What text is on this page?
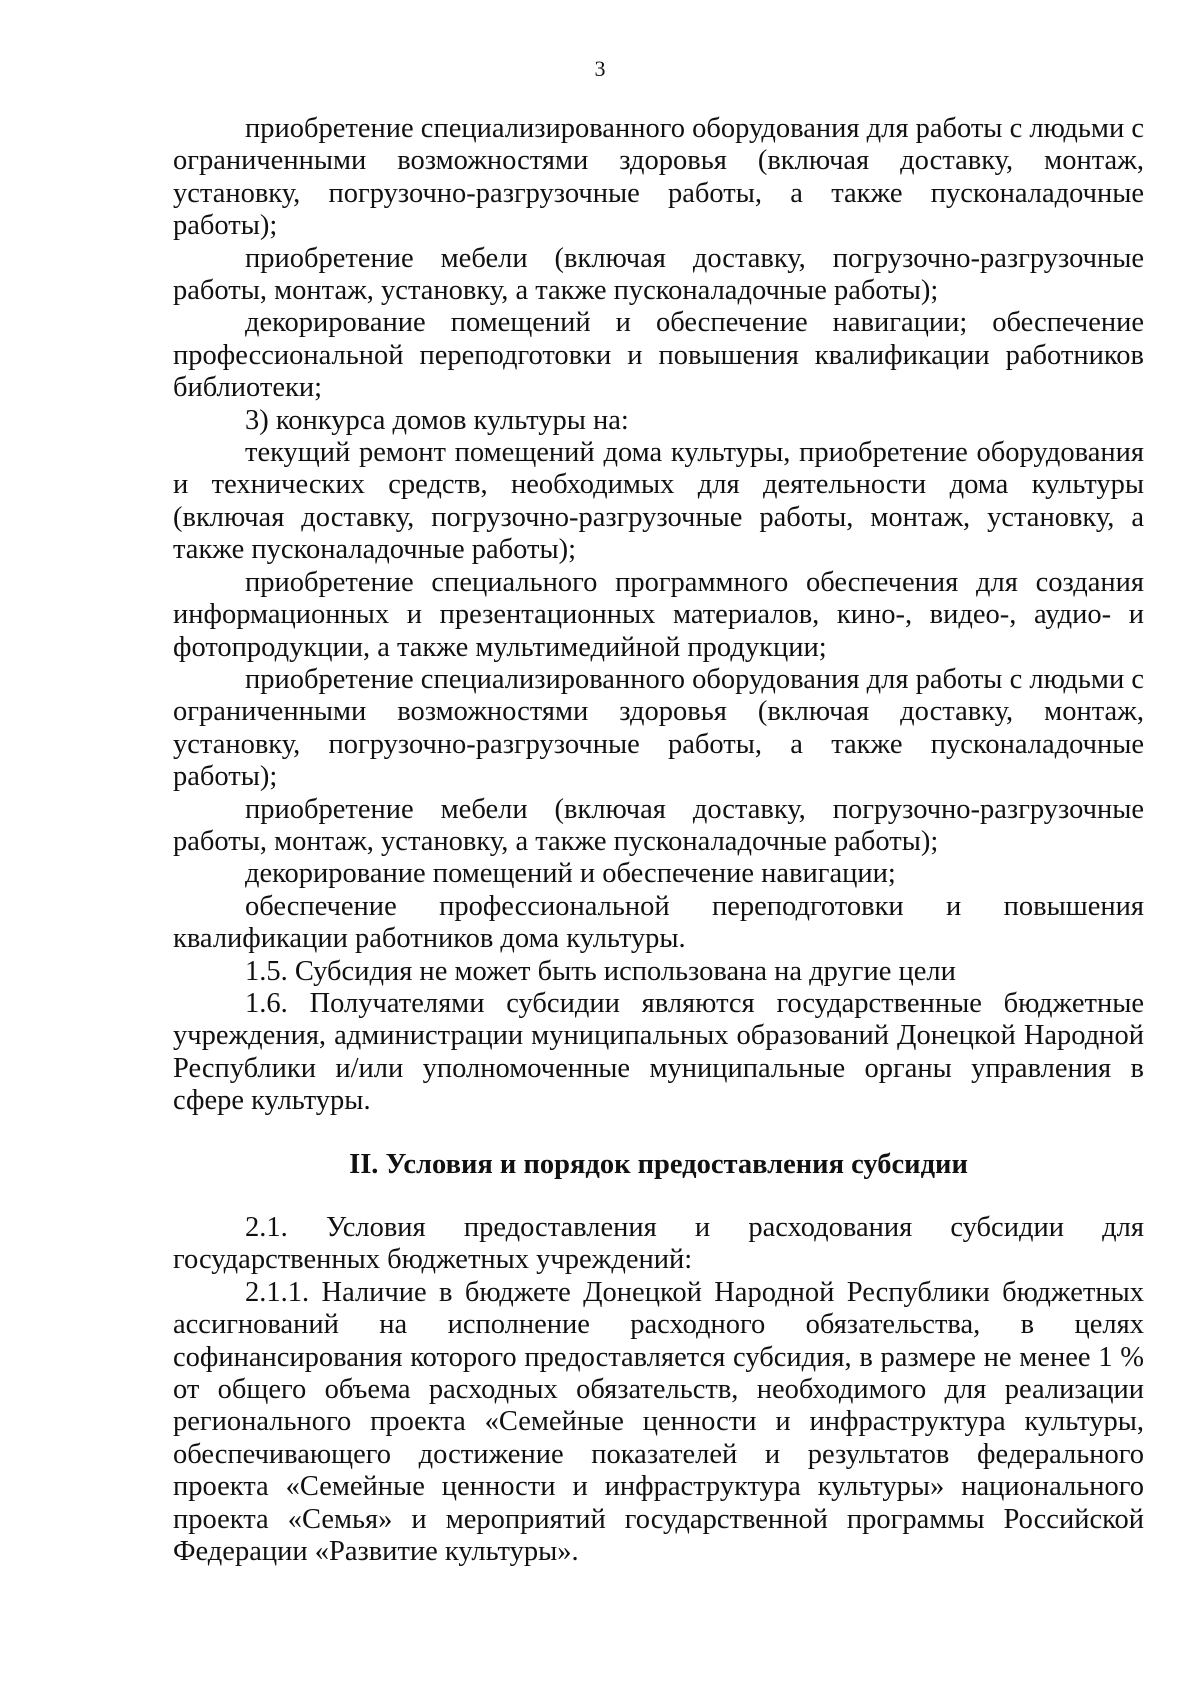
3

приобретение специализированного оборудования для работы с людьми с ограниченными возможностями здоровья (включая доставку, монтаж, установку, погрузочно-разгрузочные работы, а также пусконаладочные работы);

приобретение мебели (включая доставку, погрузочно-разгрузочные работы, монтаж, установку, а также пусконаладочные работы);

декорирование помещений и обеспечение навигации; обеспечение профессиональной переподготовки и повышения квалификации работников библиотеки;

3) конкурса домов культуры на:

текущий ремонт помещений дома культуры, приобретение оборудования и технических средств, необходимых для деятельности дома культуры (включая доставку, погрузочно-разгрузочные работы, монтаж, установку, а также пусконаладочные работы);

приобретение специального программного обеспечения для создания информационных и презентационных материалов, кино-, видео-, аудио- и фотопродукции, а также мультимедийной продукции;

приобретение специализированного оборудования для работы с людьми с ограниченными возможностями здоровья (включая доставку, монтаж, установку, погрузочно-разгрузочные работы, а также пусконаладочные работы);

приобретение мебели (включая доставку, погрузочно-разгрузочные работы, монтаж, установку, а также пусконаладочные работы);

декорирование помещений и обеспечение навигации;

обеспечение профессиональной переподготовки и повышения квалификации работников дома культуры.

1.5. Субсидия не может быть использована на другие цели

1.6. Получателями субсидии являются государственные бюджетные учреждения, администрации муниципальных образований Донецкой Народной Республики и/или уполномоченные муниципальные органы управления в сфере культуры.

II. Условия и порядок предоставления субсидии

2.1. Условия предоставления и расходования субсидии для государственных бюджетных учреждений:

2.1.1. Наличие в бюджете Донецкой Народной Республики бюджетных ассигнований на исполнение расходного обязательства, в целях софинансирования которого предоставляется субсидия, в размере не менее 1 % от общего объема расходных обязательств, необходимого для реализации регионального проекта «Семейные ценности и инфраструктура культуры, обеспечивающего достижение показателей и результатов федерального проекта «Семейные ценности и инфраструктура культуры» национального проекта «Семья» и мероприятий государственной программы Российской Федерации «Развитие культуры».
